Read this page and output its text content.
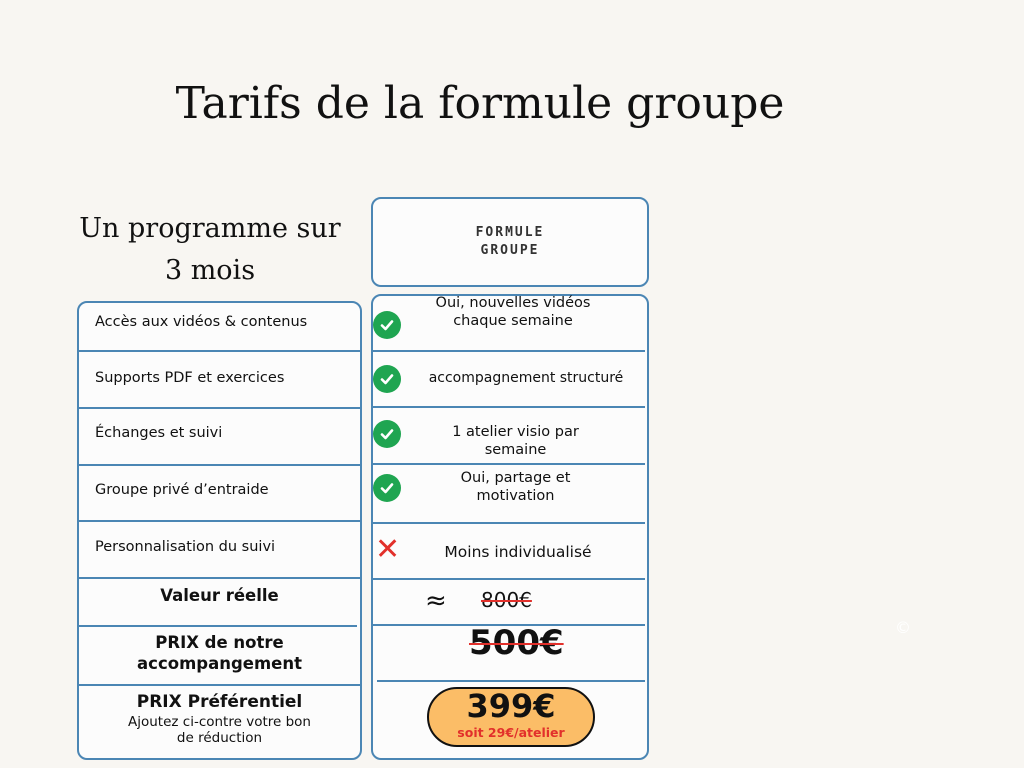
Tarifs de la formule groupe
Un programme sur 3 mois
FORMULE GROUPE
Accès aux vidéos & contenus
Supports PDF et exercices
Échanges et suivi
Groupe privé d’entraide
Personnalisation du suivi
Valeur réelle
PRIX de notre accompangement
PRIX Préférentiel
Ajoutez ci-contre votre bon de réduction
Oui, nouvelles vidéos chaque semaine
accompagnement structuré
1 atelier visio par semaine
Oui, partage et motivation
✕	Moins individualisé
≈ 800€
500€
399€
soit 29€/atelier
©
